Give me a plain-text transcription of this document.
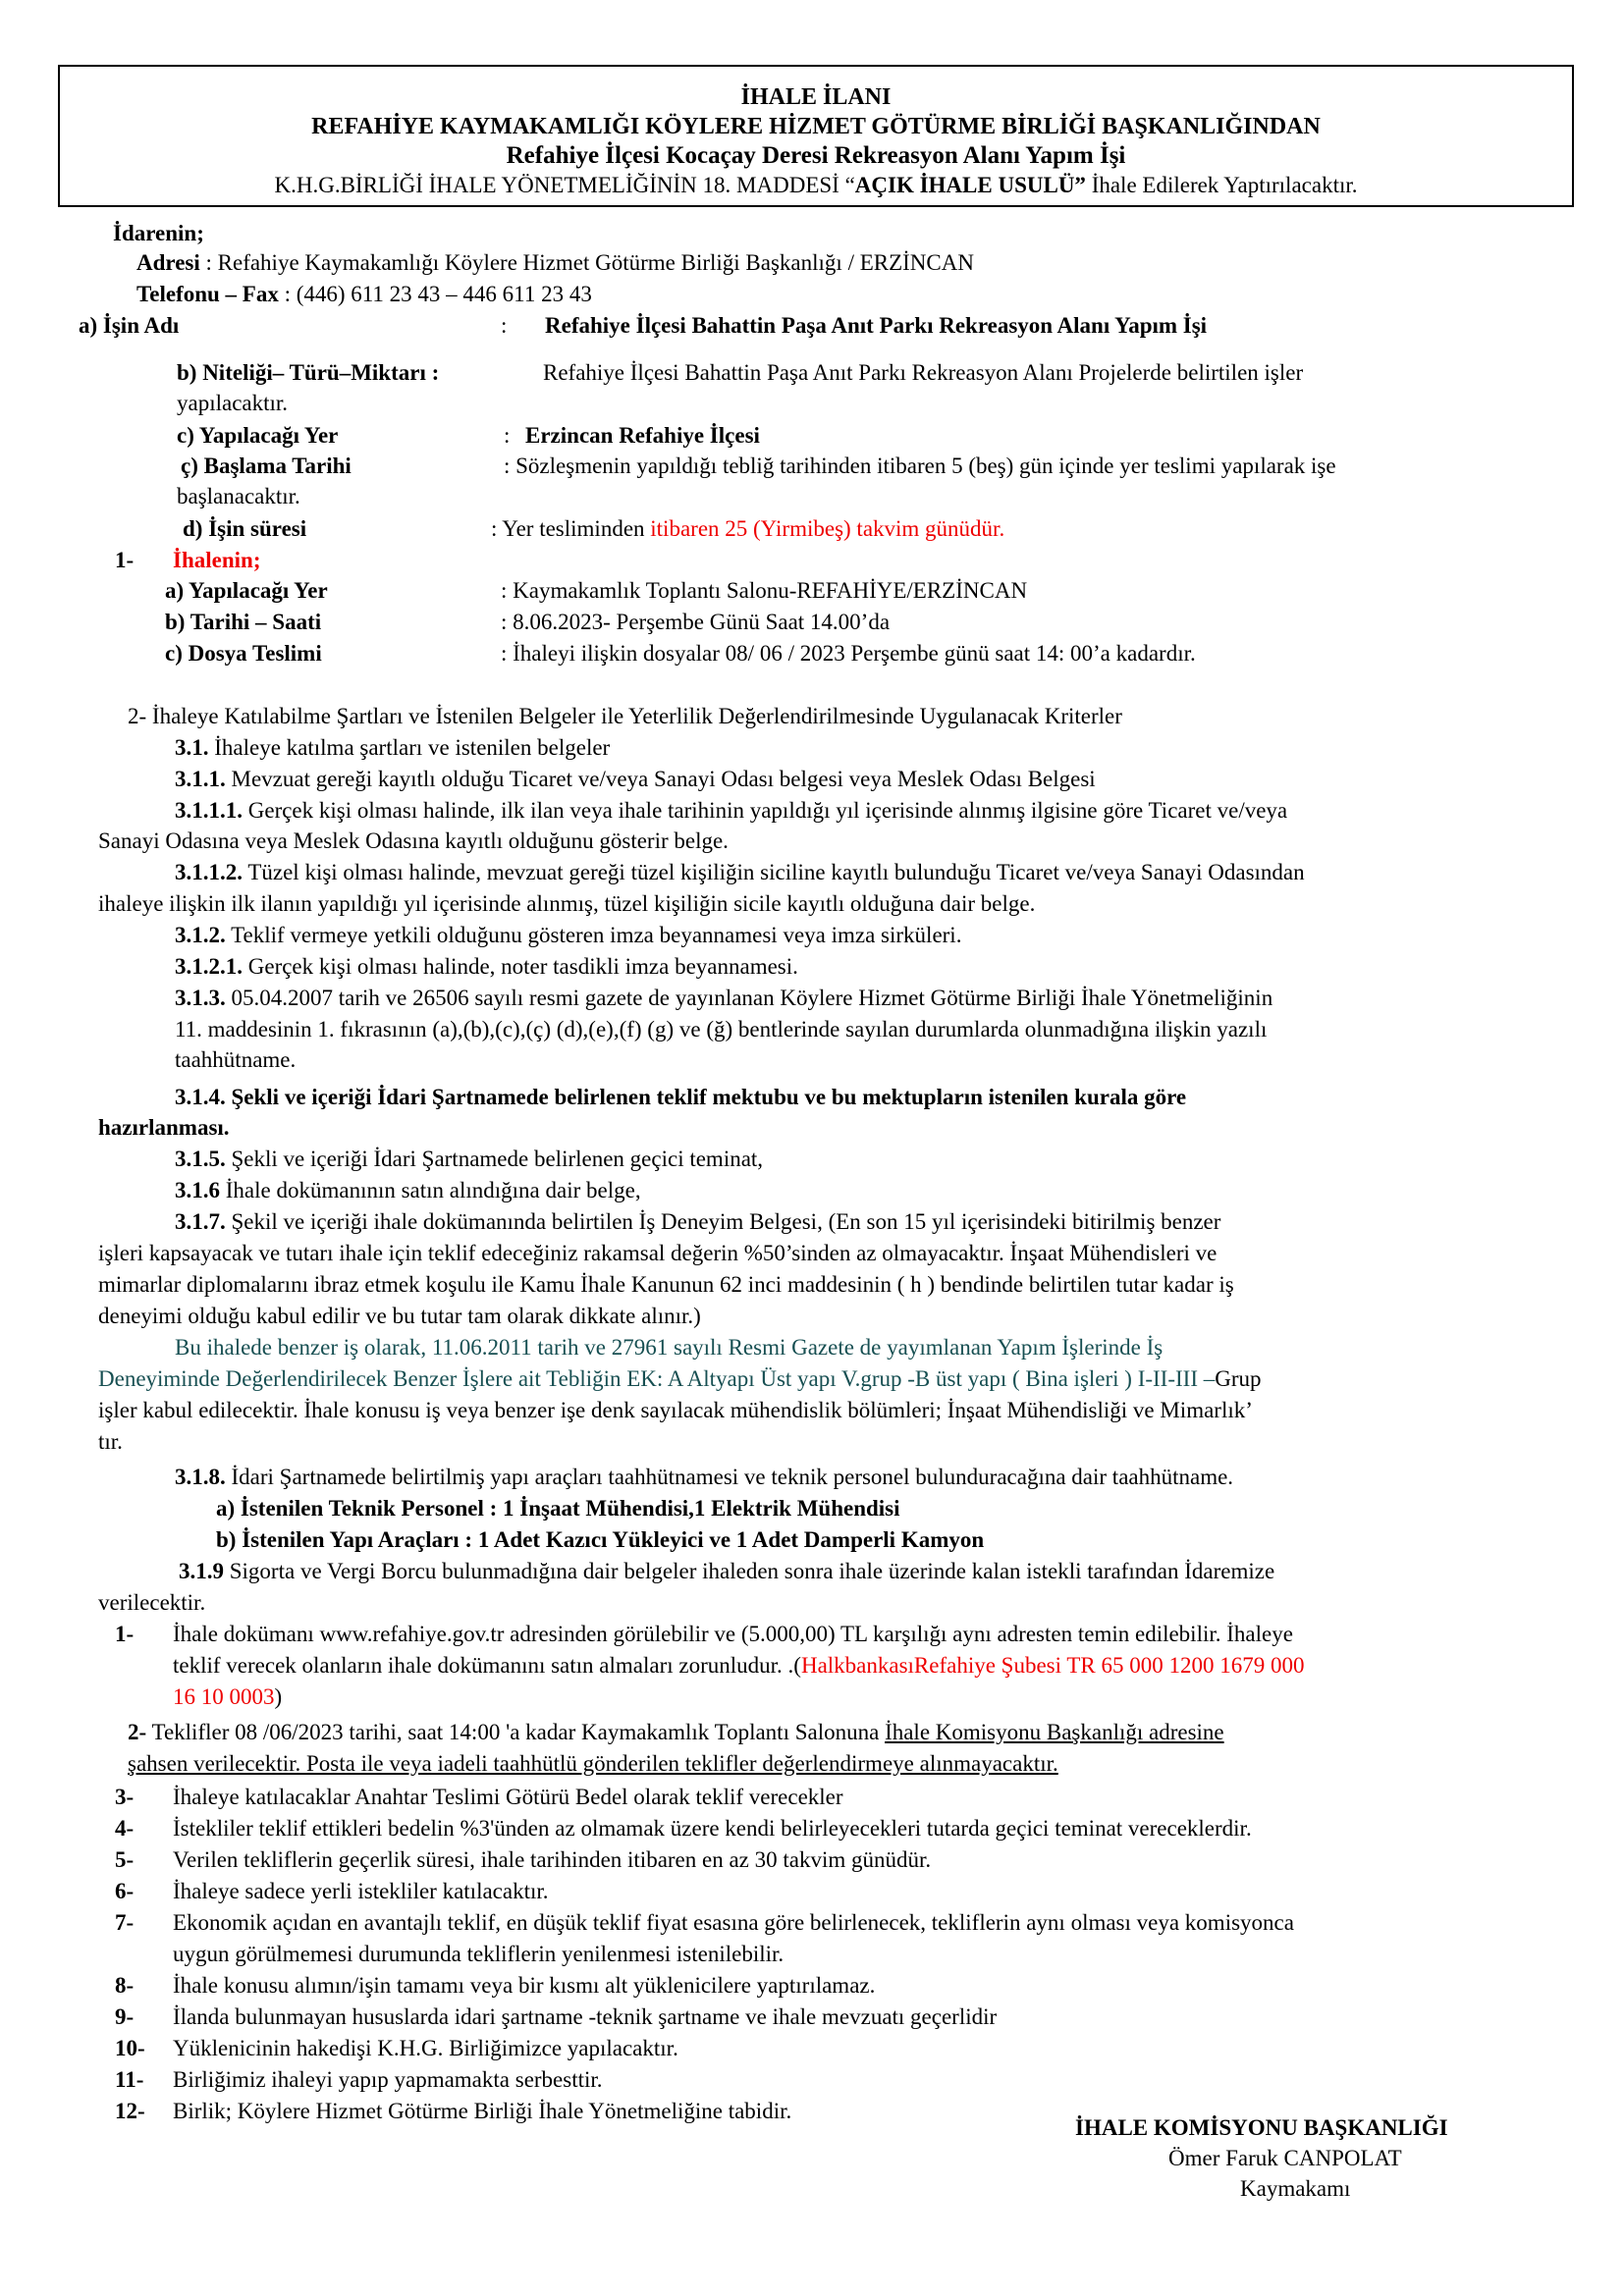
İHALE İLANI
REFAHİYE KAYMAKAMLIĞI KÖYLERE HİZMET GÖTÜRME BİRLİĞİ BAŞKANLIĞINDAN
Refahiye İlçesi Kocaçay Deresi Rekreasyon Alanı Yapım İşi
K.H.G.BİRLİĞİ İHALE YÖNETMELİĞİNİN 18. MADDESİ “AÇIK İHALE USULÜ” İhale Edilerek Yaptırılacaktır.
İdarenin;
Adresi : Refahiye Kaymakamlığı Köylere Hizmet Götürme Birliği Başkanlığı / ERZİNCAN
Telefonu – Fax : (446) 611 23 43 – 446 611 23 43
a) İşin Adı	: Refahiye İlçesi Bahattin Paşa Anıt Parkı Rekreasyon Alanı Yapım İşi
b) Niteliği– Türü–Miktarı :	Refahiye İlçesi Bahattin Paşa Anıt Parkı Rekreasyon Alanı Projelerde belirtilen işler
yapılacaktır.
c) Yapılacağı Yer	: Erzincan Refahiye İlçesi
ç) Başlama Tarihi	: Sözleşmenin yapıldığı tebliğ tarihinden itibaren 5 (beş) gün içinde yer teslimi yapılarak işe
başlanacaktır.
d) İşin süresi	: Yer tesliminden itibaren 25 (Yirmibeş) takvim günüdür.
1- İhalenin;
a) Yapılacağı Yer	: Kaymakamlık Toplantı Salonu-REFAHİYE/ERZİNCAN
b) Tarihi – Saati	: 8.06.2023- Perşembe Günü Saat 14.00’da
c) Dosya Teslimi	: İhaleyi ilişkin dosyalar 08/ 06 / 2023 Perşembe günü saat 14: 00’a kadardır.
2- İhaleye Katılabilme Şartları ve İstenilen Belgeler ile Yeterlilik Değerlendirilmesinde Uygulanacak Kriterler
3.1. İhaleye katılma şartları ve istenilen belgeler
3.1.1. Mevzuat gereği kayıtlı olduğu Ticaret ve/veya Sanayi Odası belgesi veya Meslek Odası Belgesi
3.1.1.1. Gerçek kişi olması halinde, ilk ilan veya ihale tarihinin yapıldığı yıl içerisinde alınmış ilgisine göre Ticaret ve/veya
Sanayi Odasına veya Meslek Odasına kayıtlı olduğunu gösterir belge.
3.1.1.2. Tüzel kişi olması halinde, mevzuat gereği tüzel kişiliğin siciline kayıtlı bulunduğu Ticaret ve/veya Sanayi Odasından
ihaleye ilişkin ilk ilanın yapıldığı yıl içerisinde alınmış, tüzel kişiliğin sicile kayıtlı olduğuna dair belge.
3.1.2. Teklif vermeye yetkili olduğunu gösteren imza beyannamesi veya imza sirküleri.
3.1.2.1. Gerçek kişi olması halinde, noter tasdikli imza beyannamesi.
3.1.3. 05.04.2007 tarih ve 26506 sayılı resmi gazete de yayınlanan Köylere Hizmet Götürme Birliği İhale Yönetmeliğinin
11. maddesinin 1. fıkrasının (a),(b),(c),(ç) (d),(e),(f) (g) ve (ğ) bentlerinde sayılan durumlarda olunmadığına ilişkin yazılı
taahhütname.
3.1.4. Şekli ve içeriği İdari Şartnamede belirlenen teklif mektubu ve bu mektupların istenilen kurala göre
hazırlanması.
3.1.5. Şekli ve içeriği İdari Şartnamede belirlenen geçici teminat,
3.1.6 İhale dokümanının satın alındığına dair belge,
3.1.7. Şekil ve içeriği ihale dokümanında belirtilen İş Deneyim Belgesi, (En son 15 yıl içerisindeki bitirilmiş benzer
işleri kapsayacak ve tutarı ihale için teklif edeceğiniz rakamsal değerin %50’sinden az olmayacaktır. İnşaat Mühendisleri ve
mimarlar diplomalarını ibraz etmek koşulu ile Kamu İhale Kanunun 62 inci maddesinin ( h ) bendinde belirtilen tutar kadar iş
deneyimi olduğu kabul edilir ve bu tutar tam olarak dikkate alınır.)
Bu ihalede benzer iş olarak, 11.06.2011 tarih ve 27961 sayılı Resmi Gazete de yayımlanan Yapım İşlerinde İş
Deneyiminde Değerlendirilecek Benzer İşlere ait Tebliğin EK: A Altyapı Üst yapı V.grup -B üst yapı ( Bina işleri ) I-II-III –Grup
işler kabul edilecektir. İhale konusu iş veya benzer işe denk sayılacak mühendislik bölümleri; İnşaat Mühendisliği ve Mimarlık’
tır.
3.1.8. İdari Şartnamede belirtilmiş yapı araçları taahhütnamesi ve teknik personel bulunduracağına dair taahhütname.
a) İstenilen Teknik Personel : 1 İnşaat Mühendisi,1 Elektrik Mühendisi
b) İstenilen Yapı Araçları : 1 Adet Kazıcı Yükleyici ve 1 Adet Damperli Kamyon
3.1.9 Sigorta ve Vergi Borcu bulunmadığına dair belgeler ihaleden sonra ihale üzerinde kalan istekli tarafından İdaremize
verilecektir.
1- İhale dokümanı www.refahiye.gov.tr adresinden görülebilir ve (5.000,00) TL karşılığı aynı adresten temin edilebilir. İhaleye
teklif verecek olanların ihale dokümanını satın almaları zorunludur. .(HalkbankasıRefahiye Şubesi TR 65 000 1200 1679 000
16 10 0003)
2- Teklifler 08 /06/2023 tarihi, saat 14:00 'a kadar Kaymakamlık Toplantı Salonuna İhale Komisyonu Başkanlığı adresine
şahsen verilecektir. Posta ile veya iadeli taahhütlü gönderilen teklifler değerlendirmeye alınmayacaktır.
3- İhaleye katılacaklar Anahtar Teslimi Götürü Bedel olarak teklif verecekler
4- İstekliler teklif ettikleri bedelin %3'ünden az olmamak üzere kendi belirleyecekleri tutarda geçici teminat vereceklerdir.
5- Verilen tekliflerin geçerlik süresi, ihale tarihinden itibaren en az 30 takvim günüdür.
6- İhaleye sadece yerli istekliler katılacaktır.
7- Ekonomik açıdan en avantajlı teklif, en düşük teklif fiyat esasına göre belirlenecek, tekliflerin aynı olması veya komisyonca
uygun görülmemesi durumunda tekliflerin yenilenmesi istenilebilir.
8- İhale konusu alımın/işin tamamı veya bir kısmı alt yüklenicilere yaptırılamaz.
9- İlanda bulunmayan hususlarda idari şartname -teknik şartname ve ihale mevzuatı geçerlidir
10- Yüklenicinin hakedişi K.H.G. Birliğimizce yapılacaktır.
11- Birliğimiz ihaleyi yapıp yapmamakta serbesttir.
12- Birlik; Köylere Hizmet Götürme Birliği İhale Yönetmeliğine tabidir.
İHALE KOMİSYONU BAŞKANLIĞI
Ömer Faruk CANPOLAT
Kaymakamı
